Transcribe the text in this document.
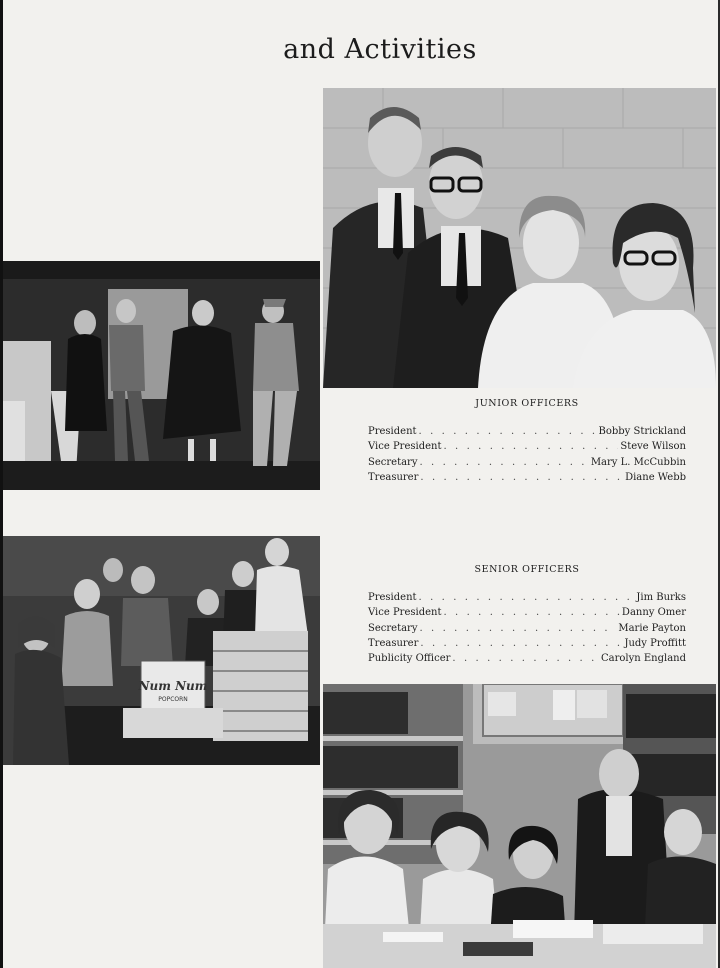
and Activities
Num Num
POPCORN
JUNIOR OFFICERS
President . . .	Bobby Strickland
Vice President . . .	Steve Wilson
Secretary . . .	Mary L. McCubbin
Treasurer . . .	Diane Webb
SENIOR OFFICERS
President . . .	Jim Burks
Vice President . . .	Danny Omer
Secretary . . .	Marie Payton
Treasurer . . .	Judy Proffitt
Publicity Officer . . .	Carolyn England
